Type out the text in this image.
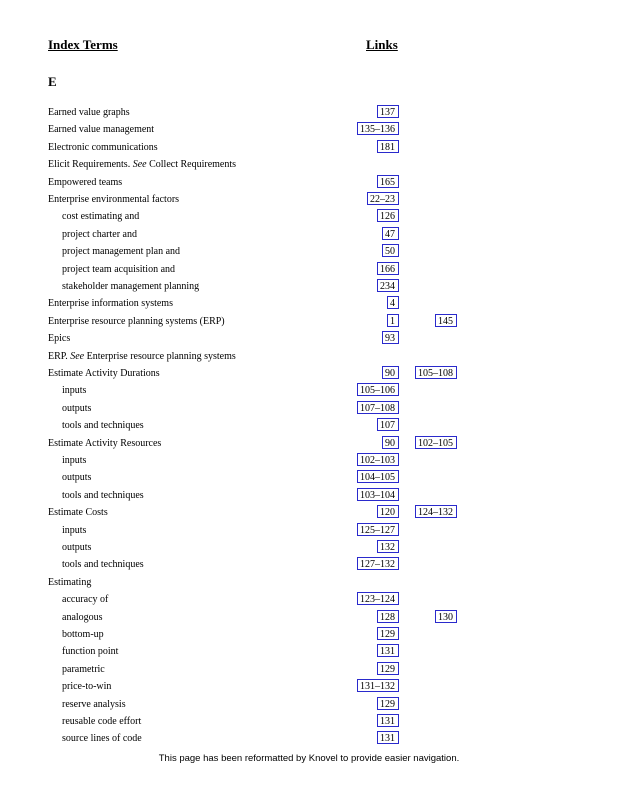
Index Terms	Links
E
Earned value graphs	137
Earned value management	135–136
Electronic communications	181
Elicit Requirements. See Collect Requirements
Empowered teams	165
Enterprise environmental factors	22–23
cost estimating and	126
project charter and	47
project management plan and	50
project team acquisition and	166
stakeholder management planning	234
Enterprise information systems	4
Enterprise resource planning systems (ERP)	1	145
Epics	93
ERP. See Enterprise resource planning systems
Estimate Activity Durations	90	105–108
inputs	105–106
outputs	107–108
tools and techniques	107
Estimate Activity Resources	90	102–105
inputs	102–103
outputs	104–105
tools and techniques	103–104
Estimate Costs	120	124–132
inputs	125–127
outputs	132
tools and techniques	127–132
Estimating
accuracy of	123–124
analogous	128	130
bottom-up	129
function point	131
parametric	129
price-to-win	131–132
reserve analysis	129
reusable code effort	131
source lines of code	131
This page has been reformatted by Knovel to provide easier navigation.
